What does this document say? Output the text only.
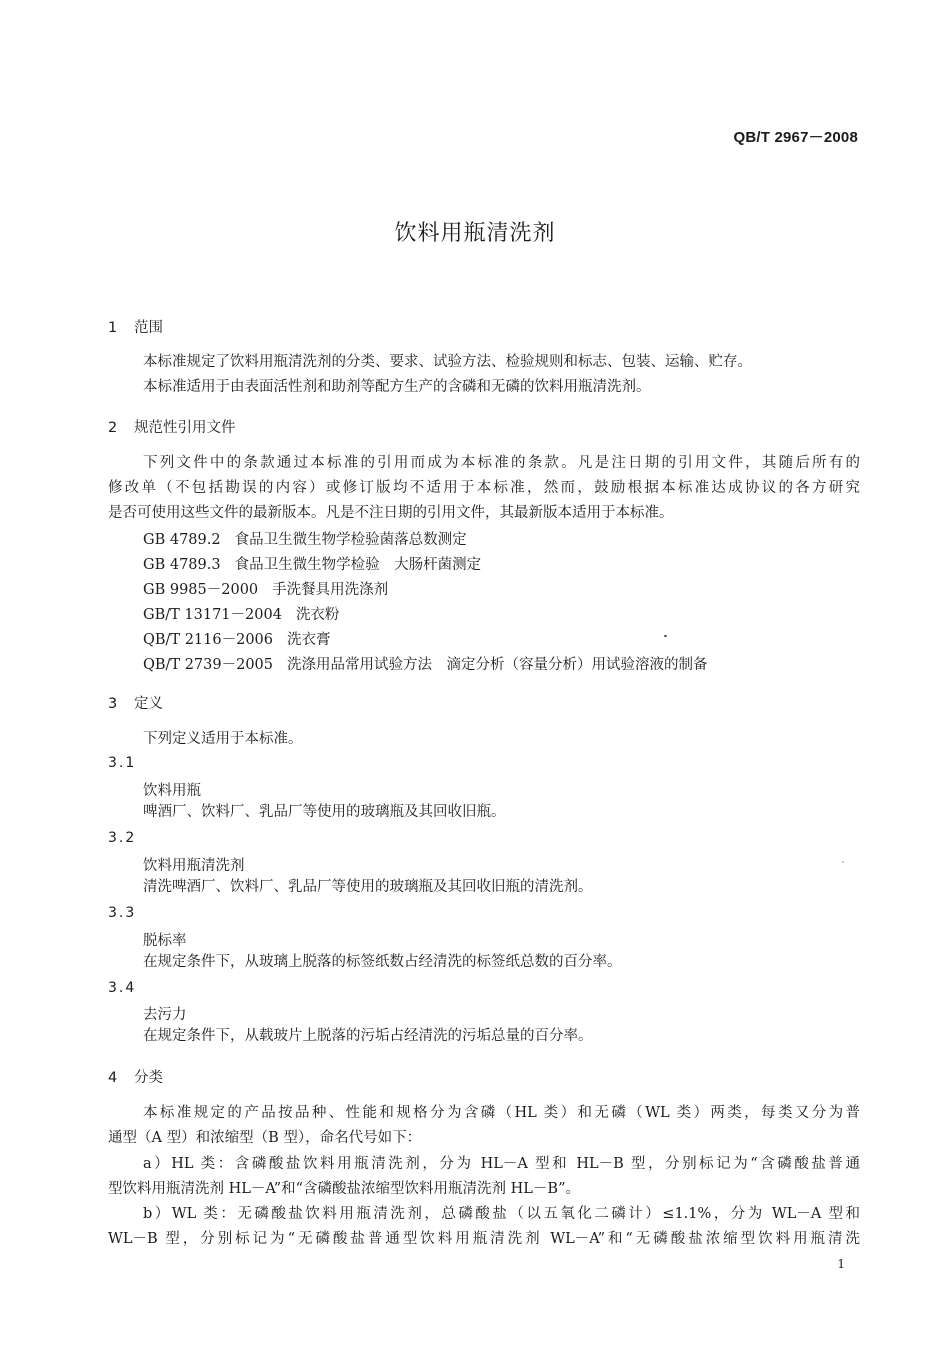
QB/T 2967－2008
饮料用瓶清洗剂
1 范围
本标准规定了饮料用瓶清洗剂的分类、要求、试验方法、检验规则和标志、包装、运输、贮存。
本标准适用于由表面活性剂和助剂等配方生产的含磷和无磷的饮料用瓶清洗剂。
2 规范性引用文件
下列文件中的条款通过本标准的引用而成为本标准的条款。凡是注日期的引用文件，其随后所有的
修改单（不包括勘误的内容）或修订版均不适用于本标准，然而，鼓励根据本标准达成协议的各方研究
是否可使用这些文件的最新版本。凡是不注日期的引用文件，其最新版本适用于本标准。
GB 4789.2 食品卫生微生物学检验菌落总数测定
GB 4789.3 食品卫生微生物学检验　大肠杆菌测定
GB 9985－2000 手洗餐具用洗涤剂
GB/T 13171－2004 洗衣粉
QB/T 2116－2006 洗衣膏
QB/T 2739－2005 洗涤用品常用试验方法　滴定分析（容量分析）用试验溶液的制备
3 定义
下列定义适用于本标准。
3.1
饮料用瓶
啤酒厂、饮料厂、乳品厂等使用的玻璃瓶及其回收旧瓶。
3.2
饮料用瓶清洗剂
清洗啤酒厂、饮料厂、乳品厂等使用的玻璃瓶及其回收旧瓶的清洗剂。
3.3
脱标率
在规定条件下，从玻璃上脱落的标签纸数占经清洗的标签纸总数的百分率。
3.4
去污力
在规定条件下，从载玻片上脱落的污垢占经清洗的污垢总量的百分率。
4 分类
本标准规定的产品按品种、性能和规格分为含磷（HL 类）和无磷（WL 类）两类，每类又分为普
通型（A 型）和浓缩型（B 型），命名代号如下：
a）HL 类：含磷酸盐饮料用瓶清洗剂，分为 HL－A 型和 HL－B 型，分别标记为“含磷酸盐普通
型饮料用瓶清洗剂 HL－A”和“含磷酸盐浓缩型饮料用瓶清洗剂 HL－B”。
b）WL 类：无磷酸盐饮料用瓶清洗剂，总磷酸盐（以五氧化二磷计）≤1.1%，分为 WL－A 型和
WL－B 型，分别标记为“无磷酸盐普通型饮料用瓶清洗剂 WL－A”和“无磷酸盐浓缩型饮料用瓶清洗
1
